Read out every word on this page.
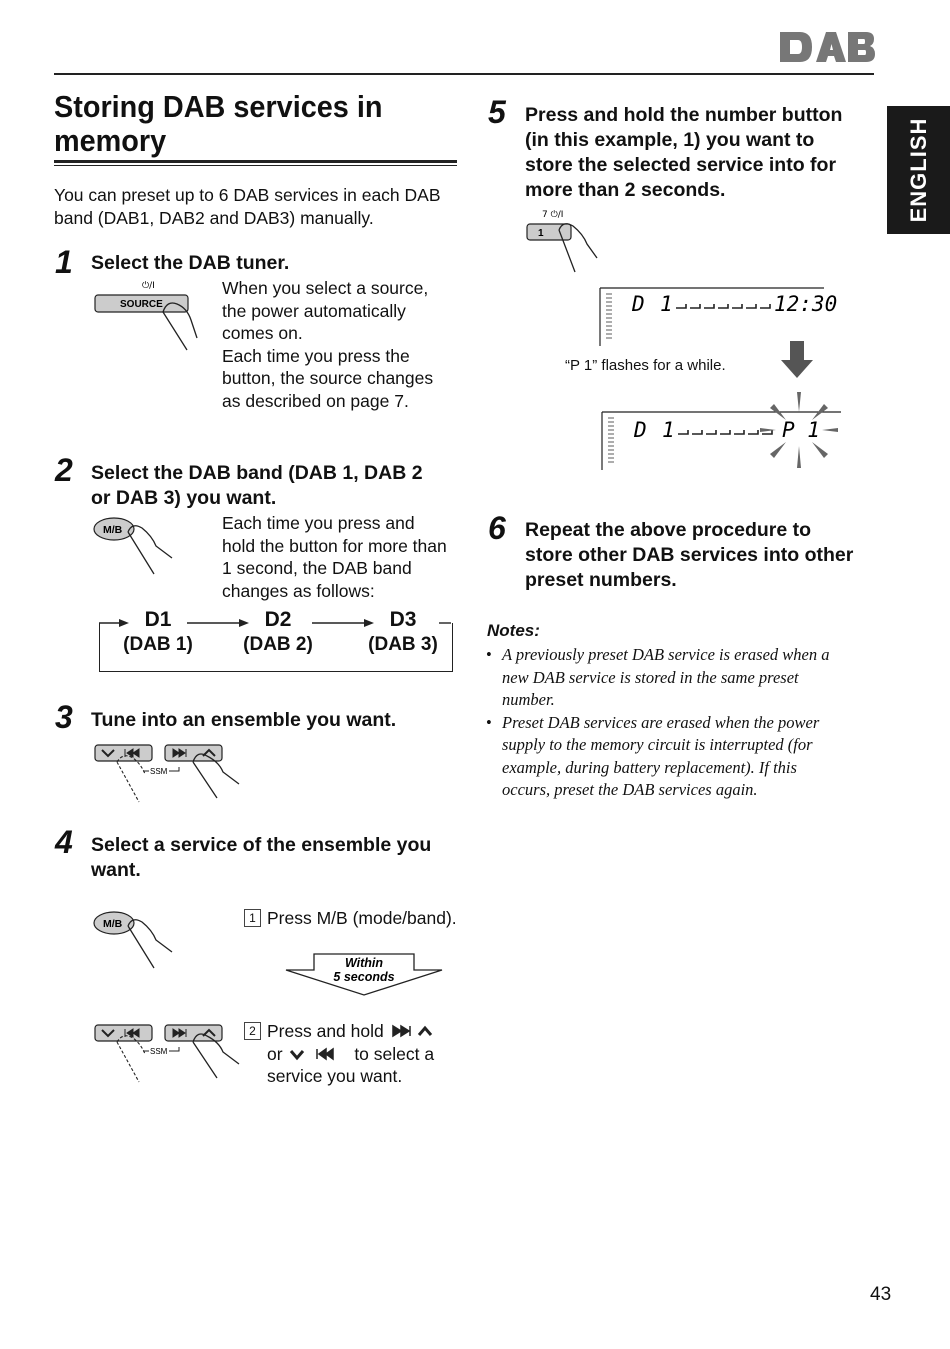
ENGLISH
Storing DAB services in memory
You can preset up to 6 DAB services in each DAB band (DAB1, DAB2 and DAB3) manually.
1 Select the DAB tuner.
⏻/I
SOURCE
When you select a source,
the power automatically
comes on.
Each time you press the
button, the source changes
as described on page 7.
2 Select the DAB band (DAB 1, DAB 2
or DAB 3) you want.
M/B	Each time you press and
hold the button for more than
1 second, the DAB band
changes as follows:
D1
(DAB 1)
D2
(DAB 2)
D3
(DAB 3)
3 Tune into an ensemble you want.
SSM
4 Select a service of the ensemble you
want.
M/B	1 Press M/B (mode/band).
Within
5 seconds
SSM
2 Press and hold
or	to select a
service you want.
5 Press and hold the number button
(in this example, 1) you want to
store the selected service into for
more than 2 seconds.
7 ⏻/I
1
D 1	12:30
“P 1” flashes for a while.
D 1	P 1
6 Repeat the above procedure to
store other DAB services into other
preset numbers.
Notes:
• A previously preset DAB service is erased when a
new DAB service is stored in the same preset
number.
• Preset DAB services are erased when the power
supply to the memory circuit is interrupted (for
example, during battery replacement). If this
occurs, preset the DAB services again.
43
